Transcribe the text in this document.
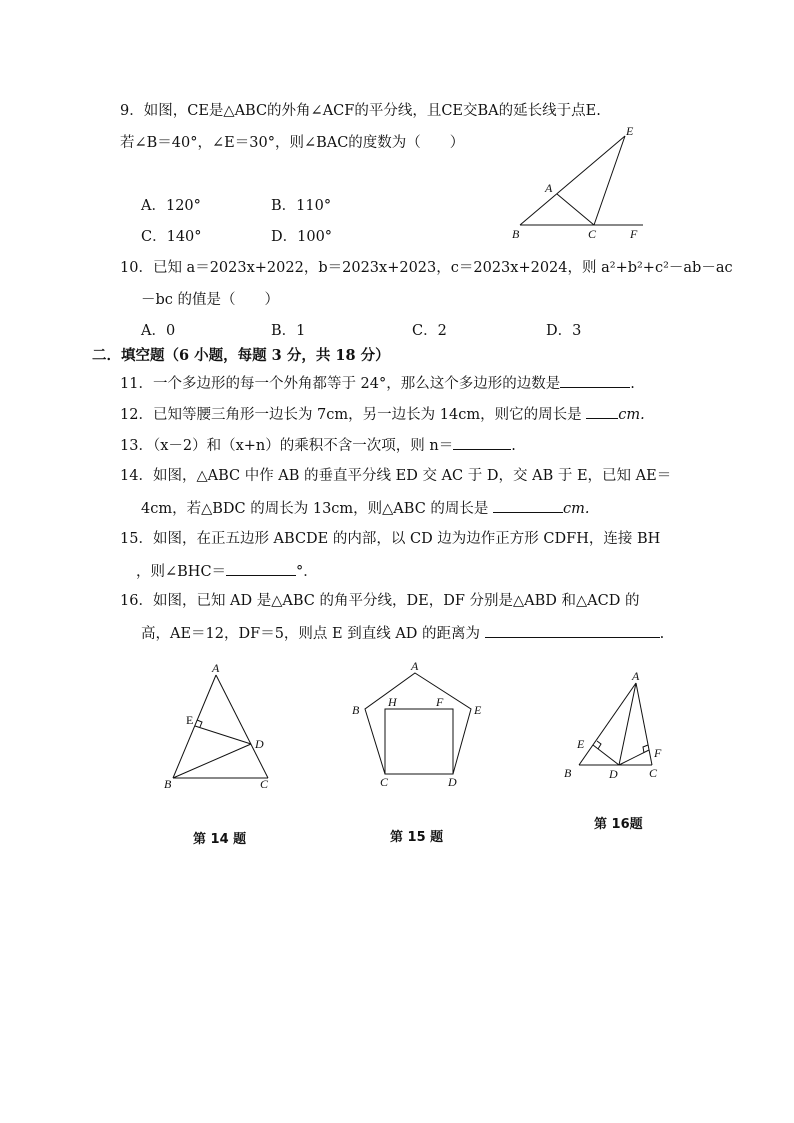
9．如图，CE是△ABC的外角∠ACF的平分线，且CE交BA的延长线于点E.
若∠B＝40°，∠E＝30°，则∠BAC的度数为（　　）
E
A
B	C	F
A．120°	B．110°
C．140°	D．100°
10．已知 a＝2023x+2022，b＝2023x+2023，c＝2023x+2024，则 a²+b²+c²－ab－ac
－bc 的值是（　　）
A．0	B．1	C．2	D．3
二．填空题（6 小题，每题 3 分，共 18 分）
11．一个多边形的每一个外角都等于 24°，那么这个多边形的边数是	.
12．已知等腰三角形一边长为 7cm，另一边长为 14cm，则它的周长是	cm.
13．（x－2）和（x+n）的乘积不含一次项，则 n＝	.
14．如图，△ABC 中作 AB 的垂直平分线 ED 交 AC 于 D，交 AB 于 E，已知 AE＝
4cm，若△BDC 的周长为 13cm，则△ABC 的周长是	cm.
15．如图，在正五边形 ABCDE 的内部，以 CD 边为边作正方形 CDFH，连接 BH
，则∠BHC＝	°．
16．如图，已知 AD 是△ABC 的角平分线，DE，DF 分别是△ABD 和△ACD 的
高，AE＝12，DF＝5，则点 E 到直线 AD 的距离为	.
A
E
D
B	C
第 14 题
A
B
H	F
E
C	D
第 15 题
A
E
F
B	D	C
第 16题
